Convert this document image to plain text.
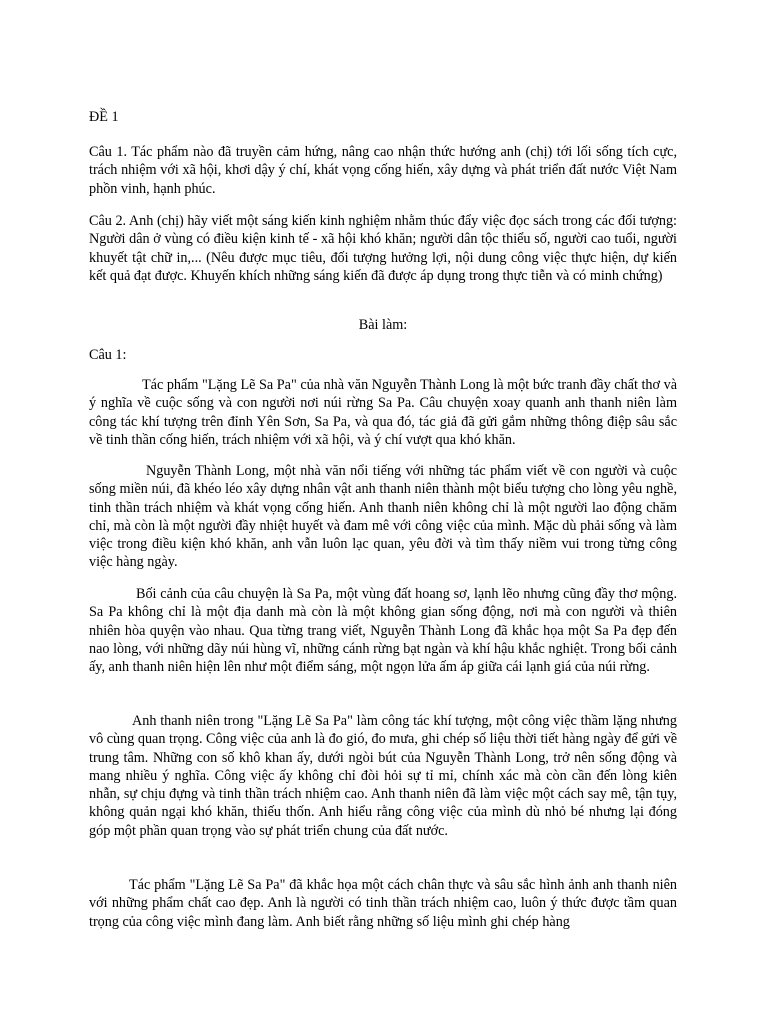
ĐỀ 1

Câu 1. Tác phẩm nào đã truyền cảm hứng, nâng cao nhận thức hướng anh (chị) tới lối sống tích cực, trách nhiệm với xã hội, khơi dậy ý chí, khát vọng cống hiến, xây dựng và phát triển đất nước Việt Nam phồn vinh, hạnh phúc.

Câu 2. Anh (chị) hãy viết một sáng kiến kinh nghiệm nhằm thúc đẩy việc đọc sách trong các đối tượng: Người dân ở vùng có điều kiện kinh tế - xã hội khó khăn; người dân tộc thiểu số, người cao tuổi, người khuyết tật chữ in,... (Nêu được mục tiêu, đối tượng hưởng lợi, nội dung công việc thực hiện, dự kiến kết quả đạt được. Khuyến khích những sáng kiến đã được áp dụng trong thực tiễn và có minh chứng)

Bài làm:

Câu 1:

Tác phẩm "Lặng Lẽ Sa Pa" của nhà văn Nguyễn Thành Long là một bức tranh đầy chất thơ và ý nghĩa về cuộc sống và con người nơi núi rừng Sa Pa. Câu chuyện xoay quanh anh thanh niên làm công tác khí tượng trên đỉnh Yên Sơn, Sa Pa, và qua đó, tác giả đã gửi gắm những thông điệp sâu sắc về tinh thần cống hiến, trách nhiệm với xã hội, và ý chí vượt qua khó khăn.

Nguyễn Thành Long, một nhà văn nổi tiếng với những tác phẩm viết về con người và cuộc sống miền núi, đã khéo léo xây dựng nhân vật anh thanh niên thành một biểu tượng cho lòng yêu nghề, tinh thần trách nhiệm và khát vọng cống hiến. Anh thanh niên không chỉ là một người lao động chăm chỉ, mà còn là một người đầy nhiệt huyết và đam mê với công việc của mình. Mặc dù phải sống và làm việc trong điều kiện khó khăn, anh vẫn luôn lạc quan, yêu đời và tìm thấy niềm vui trong từng công việc hàng ngày.

Bối cảnh của câu chuyện là Sa Pa, một vùng đất hoang sơ, lạnh lẽo nhưng cũng đầy thơ mộng. Sa Pa không chỉ là một địa danh mà còn là một không gian sống động, nơi mà con người và thiên nhiên hòa quyện vào nhau. Qua từng trang viết, Nguyễn Thành Long đã khắc họa một Sa Pa đẹp đến nao lòng, với những dãy núi hùng vĩ, những cánh rừng bạt ngàn và khí hậu khắc nghiệt. Trong bối cảnh ấy, anh thanh niên hiện lên như một điểm sáng, một ngọn lửa ấm áp giữa cái lạnh giá của núi rừng.

Anh thanh niên trong "Lặng Lẽ Sa Pa" làm công tác khí tượng, một công việc thầm lặng nhưng vô cùng quan trọng. Công việc của anh là đo gió, đo mưa, ghi chép số liệu thời tiết hàng ngày để gửi về trung tâm. Những con số khô khan ấy, dưới ngòi bút của Nguyễn Thành Long, trở nên sống động và mang nhiều ý nghĩa. Công việc ấy không chỉ đòi hỏi sự tỉ mỉ, chính xác mà còn cần đến lòng kiên nhẫn, sự chịu đựng và tinh thần trách nhiệm cao. Anh thanh niên đã làm việc một cách say mê, tận tụy, không quản ngại khó khăn, thiếu thốn. Anh hiểu rằng công việc của mình dù nhỏ bé nhưng lại đóng góp một phần quan trọng vào sự phát triển chung của đất nước.

Tác phẩm "Lặng Lẽ Sa Pa" đã khắc họa một cách chân thực và sâu sắc hình ảnh anh thanh niên với những phẩm chất cao đẹp. Anh là người có tinh thần trách nhiệm cao, luôn ý thức được tầm quan trọng của công việc mình đang làm. Anh biết rằng những số liệu mình ghi chép hàng
